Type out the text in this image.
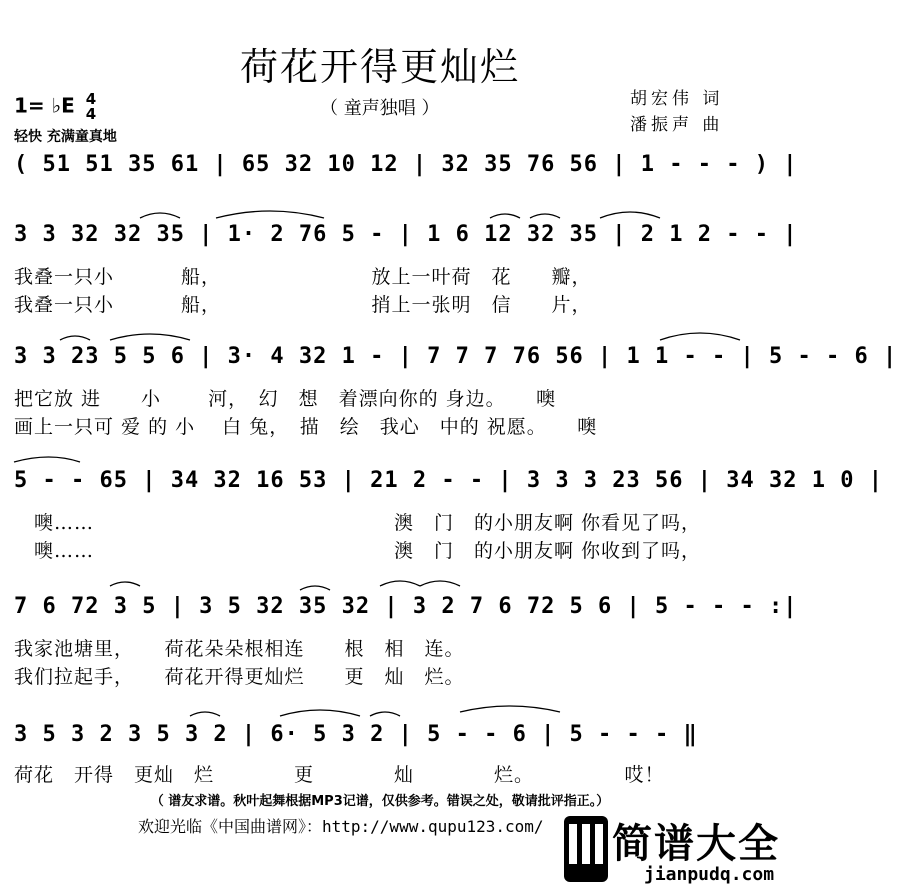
荷花开得更灿烂
（ 童声独唱 ）
1= ♭E 4
4
轻快 充满童真地
胡宏伟 词
潘振声 曲
( 51 51 35 61 | 65 32 10 12 | 32 35 76 56 | 1 - - - ) |
3 3 32 32 35 | 1· 2 76 5 - | 1 6 12 32 35 | 2 1 2 - - |
我叠一只小　　　 船，　　　　　　　　放上一叶荷　花　　瓣，
我叠一只小　　　 船，　　　　　　　　捎上一张明　信　　片，
3 3 23 5 5 6 | 3· 4 32 1 - | 7 7 7 76 56 | 1 1 - - | 5 - - 6 |
把它放 进　　小　　 河，　幻　想　着漂向你的 身边。　　噢
画上一只可 爱 的 小　 白 兔，　描　绘　我心　中的 祝愿。　　噢
5 - - 65 | 34 32 16 53 | 21 2 - - | 3 3 3 23 56 | 34 32 1 0 |
　噢……　　　　　　　　　　　　　　　澳　门　的小朋友啊 你看见了吗，
　噢……　　　　　　　　　　　　　　　澳　门　的小朋友啊 你收到了吗，
7 6 72 3 5 | 3 5 32 35 32 | 3 2 7 6 72 5 6 | 5 - - - :|
我家池塘里，　　荷花朵朵根相连　　根　相　连。
我们拉起手，　　荷花开得更灿烂　　更　灿　烂。
3 5 3 2 3 5 3 2 | 6· 5 3 2 | 5 - - 6 | 5 - - - ‖
荷花　开得　更灿　烂　　　　更　　　　灿　　　　烂。　　　　　哎！
（ 谱友求谱。秋叶起舞根据MP3记谱，仅供参考。错误之处，敬请批评指正。）
欢迎光临《中国曲谱网》：http://www.qupu123.com/ 简谱大全
jianpudq.com
